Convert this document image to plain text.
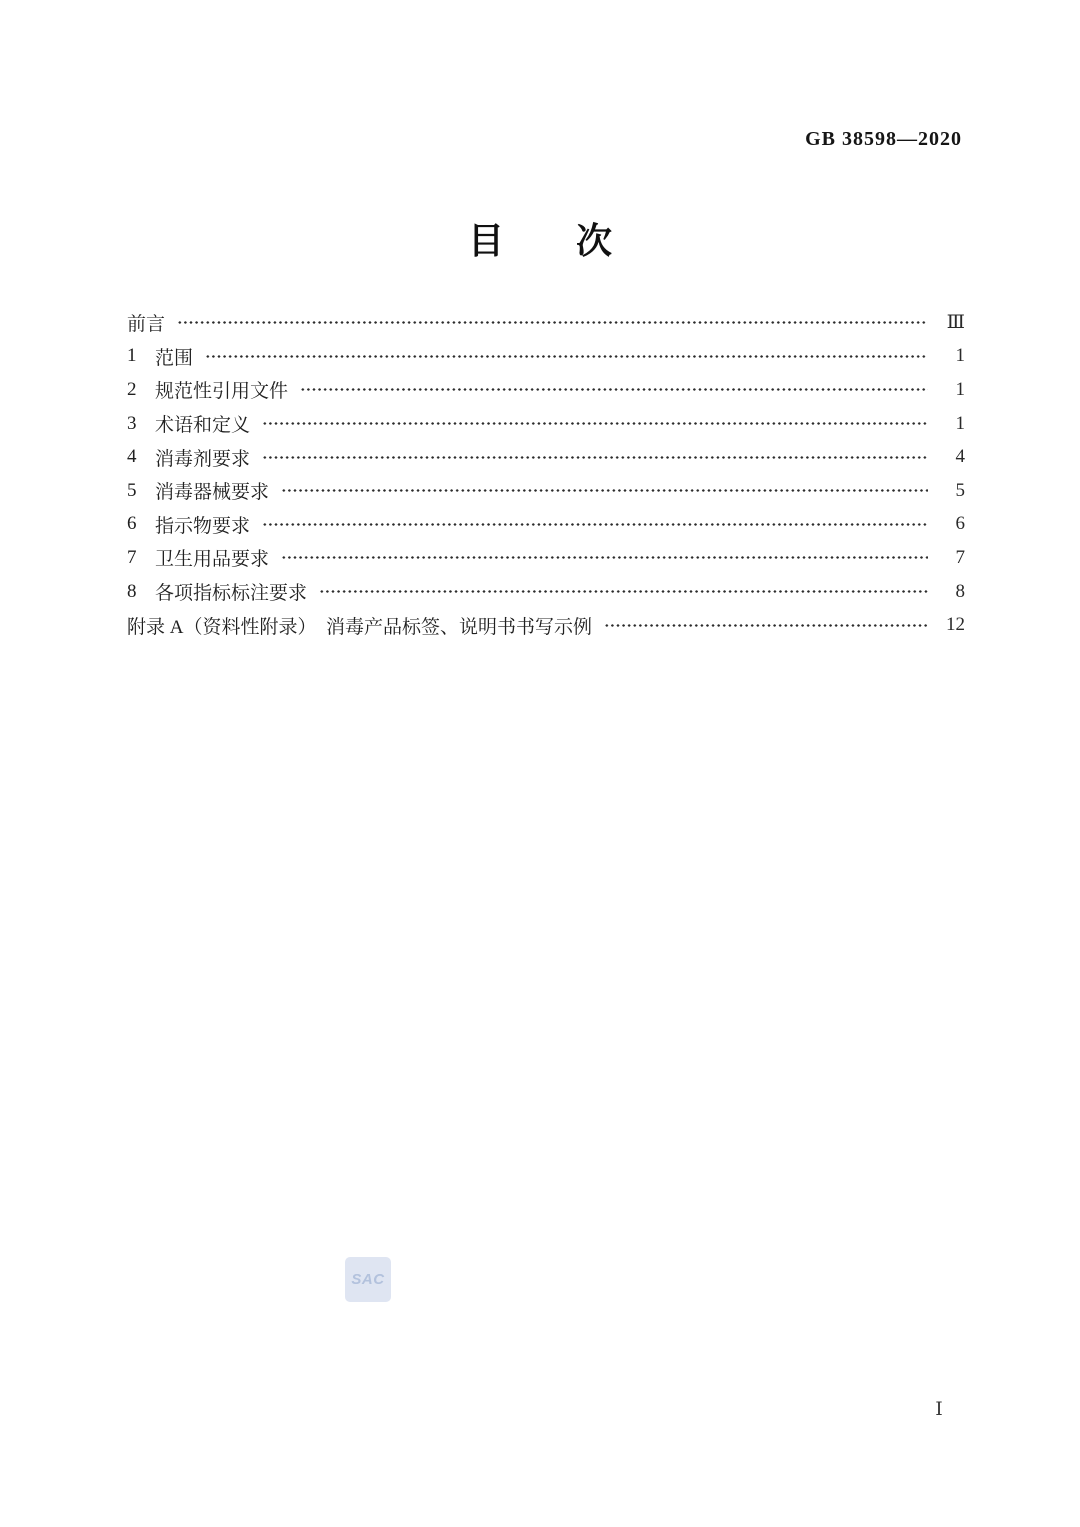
GB 38598—2020
目　　次
前言	Ⅲ
1 范围	1
2 规范性引用文件	1
3 术语和定义	1
4 消毒剂要求	4
5 消毒器械要求	5
6 指示物要求	6
7 卫生用品要求	7
8 各项指标标注要求	8
附录 A（资料性附录）　消毒产品标签、说明书书写示例	12
SAC
Ⅰ
